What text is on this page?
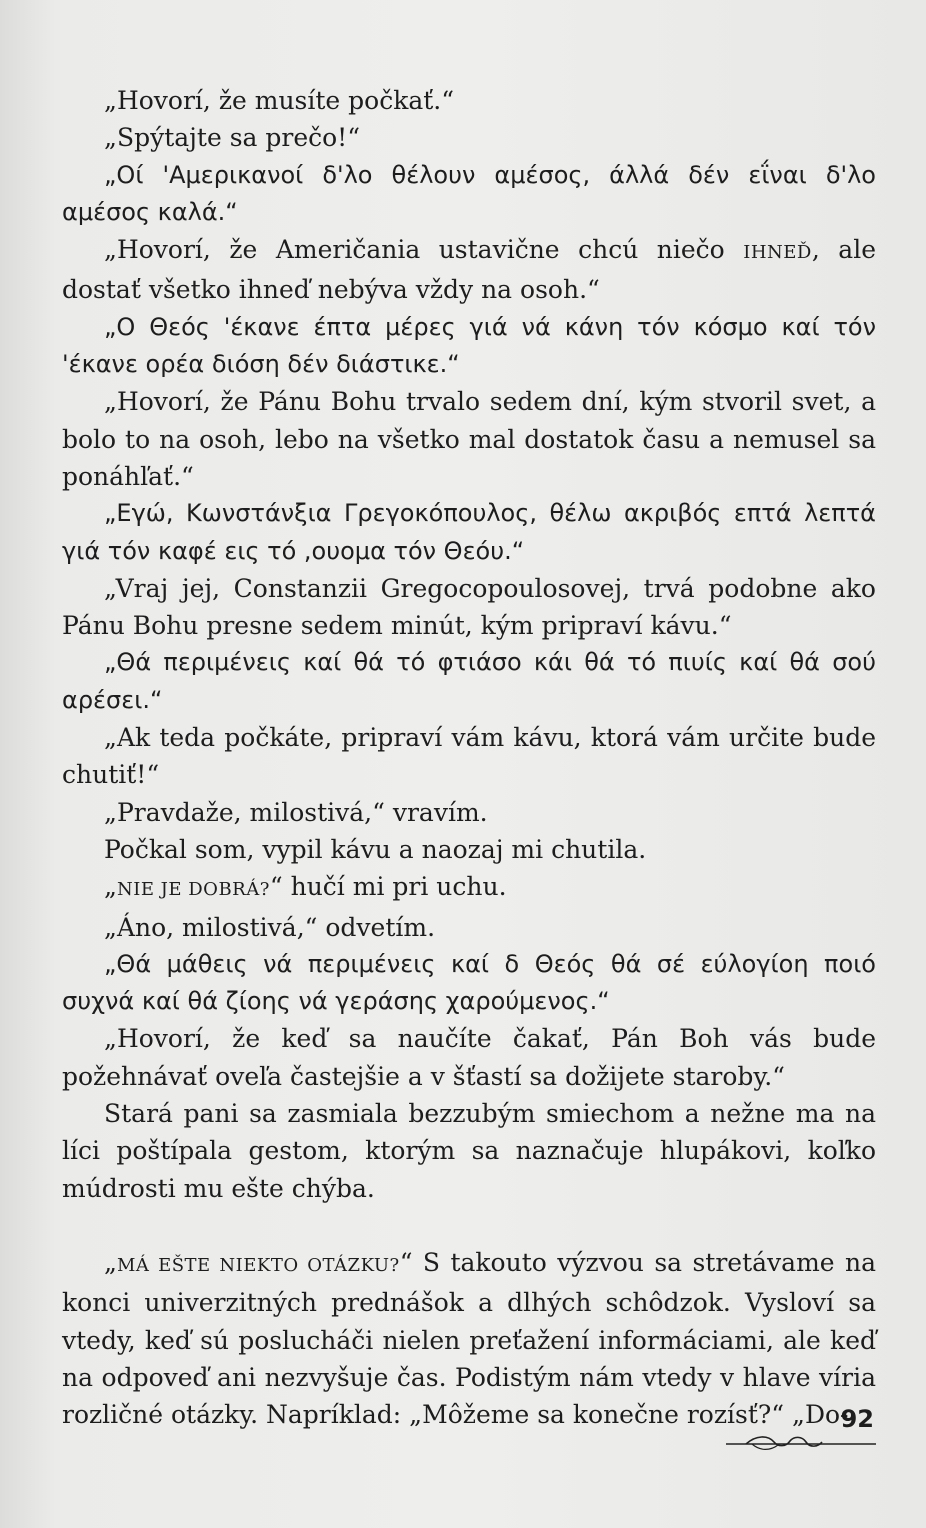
„Hovorí, že musíte počkať.“

„Spýtajte sa prečo!“

„Οί 'Αμερικανοί δ'λο θέλουν αμέσος, άλλά δέν εΐναι δ'λο αμέσος καλά.“

„Hovorí, že Američania ustavične chcú niečo IHNEĎ, ale dostať všetko ihneď nebýva vždy na osoh.“

„Ο Θεός 'έκανε έπτα μέρες γιά νά κάνη τόν κόσμο καί τόν 'έκανε ορέα διόση δέν διάστικε.“

„Hovorí, že Pánu Bohu trvalo sedem dní, kým stvoril svet, a bolo to na osoh, lebo na všetko mal dostatok času a nemusel sa ponáhľať.“

„Εγώ, Κωνστάνξια Γρεγοκόπουλος, θέλω ακριβός επτά λεπτά γιά τόν καφέ εις τό ,ουομα τόν Θεόυ.“

„Vraj jej, Constanzii Gregocopoulosovej, trvá podobne ako Pánu Bohu presne sedem minút, kým pripraví kávu.“

„Θά περιμένεις καί θά τό φτιάσο κάι θά τό πιυίς καί θά σού αρέσει.“

„Ak teda počkáte, pripraví vám kávu, ktorá vám určite bude chutiť!“

„Pravdaže, milostivá,“ vravím.

Počkal som, vypil kávu a naozaj mi chutila.

„NIE JE DOBRÁ?“ hučí mi pri uchu.

„Áno, milostivá,“ odvetím.

„Θά μάθεις νά περιμένεις καί δ Θεός θά σέ εύλογίοη ποιό συχνά καί θά ζίοης νά γεράσης χαρούμενος.“

„Hovorí, že keď sa naučíte čakať, Pán Boh vás bude požehnávať oveľa častejšie a v šťastí sa dožijete staroby.“

Stará pani sa zasmiala bezzubým smiechom a nežne ma na líci poštípala gestom, ktorým sa naznačuje hlupákovi, koľko múdrosti mu ešte chýba.

„MÁ EŠTE NIEKTO OTÁZKU?“ S takouto výzvou sa stretávame na konci univerzitných prednášok a dlhých schôdzok. Vysloví sa vtedy, keď sú poslucháči nielen preťažení informáciami, ale keď na odpoveď ani nezvyšuje čas. Podistým nám vtedy v hlave víria rozličné otázky. Napríklad: „Môžeme sa konečne rozísť?“ „Do-

92
